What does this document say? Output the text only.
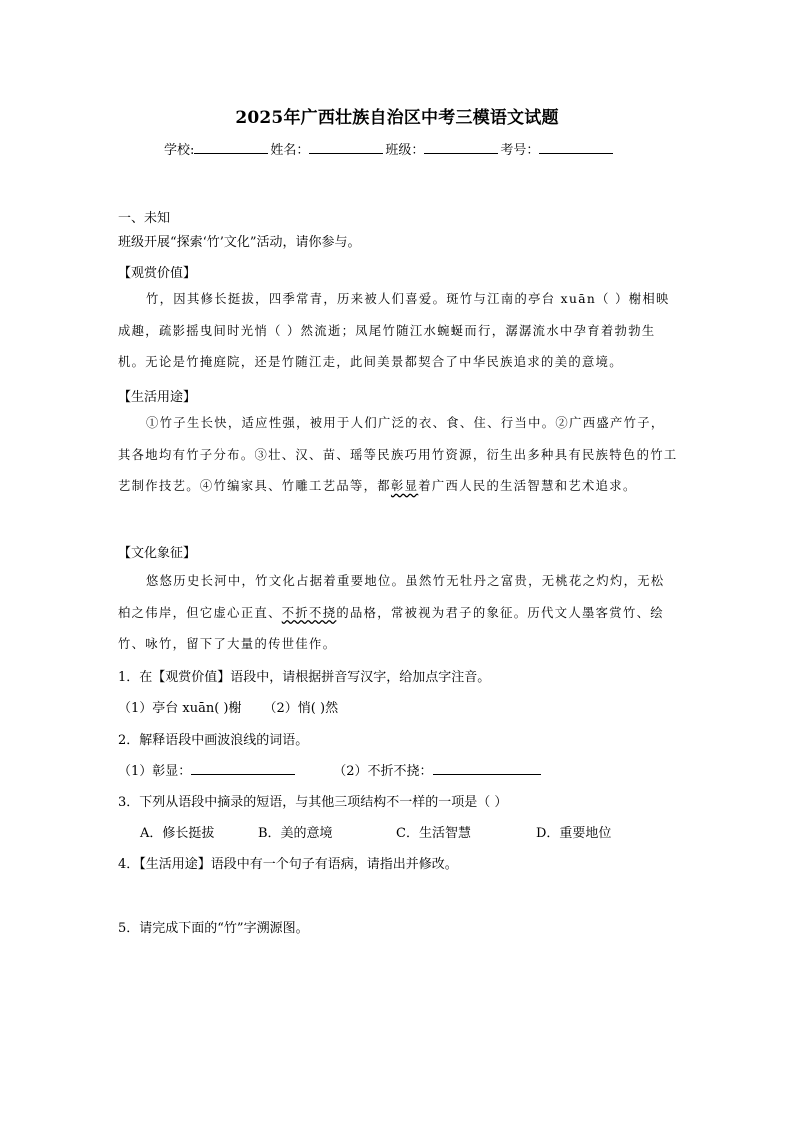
2025年广西壮族自治区中考三模语文试题
学校:	姓名：	班级：	考号：
一、未知
班级开展“探索‘竹’文化”活动，请你参与。
【观赏价值】
竹，因其修长挺拔，四季常青，历来被人们喜爱。斑竹与江南的亭台 xuān（ ）榭相映成趣，疏影摇曳间时光悄（ ）然流逝；凤尾竹随江水蜿蜒而行，潺潺流水中孕育着勃勃生机。无论是竹掩庭院，还是竹随江走，此间美景都契合了中华民族追求的美的意境。
【生活用途】
①竹子生长快，适应性强，被用于人们广泛的衣、食、住、行当中。②广西盛产竹子，其各地均有竹子分布。③壮、汉、苗、瑶等民族巧用竹资源，衍生出多种具有民族特色的竹工艺制作技艺。④竹编家具、竹雕工艺品等，都彰显着广西人民的生活智慧和艺术追求。
【文化象征】
悠悠历史长河中，竹文化占据着重要地位。虽然竹无牡丹之富贵，无桃花之灼灼，无松柏之伟岸，但它虚心正直、不折不挠的品格，常被视为君子的象征。历代文人墨客赏竹、绘竹、咏竹，留下了大量的传世佳作。
1．在【观赏价值】语段中，请根据拼音写汉字，给加点字注音。
（1）亭台 xuān( )榭 （2）悄( )然
2．解释语段中画波浪线的词语。
（1）彰显：	（2）不折不挠：
3．下列从语段中摘录的短语，与其他三项结构不一样的一项是（ ）
A．修长挺拔	B．美的意境	C．生活智慧	D．重要地位
4．【生活用途】语段中有一个句子有语病，请指出并修改。
5．请完成下面的“竹”字溯源图。
